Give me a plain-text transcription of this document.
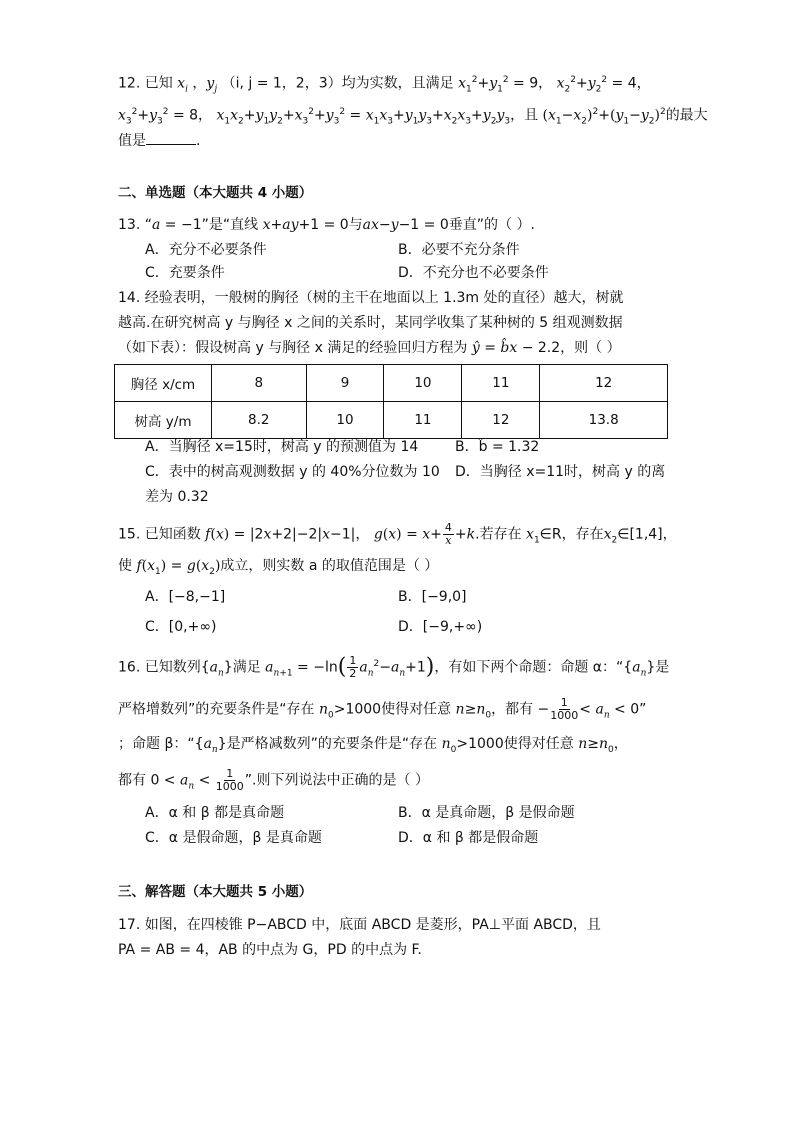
12. 已知 $x_i$ ，$y_j$ （i, j = 1，2，3）均为实数，且满足 $x_1^2+y_1^2 = 9$， $x_2^2+y_2^2 = 4$，
$x_3^2+y_3^2 = 8$， $x_1x_2+y_1y_2+x_3^2+y_3^2 = x_1x_3+y_1y_3+x_2x_3+y_2y_3$，且 $(x_1-x_2)^2+(y_1-y_2)^2$的最大
值是	.
二、单选题（本大题共 4 小题）
13. “a = −1”是“直线 x+ay+1 = 0与ax−y−1 = 0垂直”的（ ）.
A．充分不必要条件	B．必要不充分条件
C．充要条件	D．不充分也不必要条件
14. 经验表明，一般树的胸径（树的主干在地面以上 1.3m 处的直径）越大，树就
越高.在研究树高 y 与胸径 x 之间的关系时，某同学收集了某种树的 5 组观测数据
（如下表）：假设树高 y 与胸径 x 满足的经验回归方程为 ŷ = b̂x − 2.2，则（ ）
胸径 x/cm	8	9	10	11	12
树高 y/m	8.2	10	11	12	13.8
A．当胸径 x=15时，树高 y 的预测值为 14	B．b̂ = 1.32
C．表中的树高观测数据 y 的 40%分位数为 10 D．当胸径 x=11时，树高 y 的离
差为 0.32
15. 已知函数 f(x) = |2x+2|−2|x−1|， $g(x) = x+ \frac{4}{x} +k$.若存在 $x_1\in R$，存在$x_2\in[1,4]$，
使 $f(x_1) = g(x_2)$成立，则实数 a 的取值范围是（ ）
A．[−8,−1]	B．[−9,0]
C．[0,+∞)	D．[−9,+∞)
16. 已知数列$\{a_n\}$满足 $a_{n+1} = -\ln( \frac{1}{2} a_n^2-a_n+1)$，有如下两个命题：命题 α：“$\{a_n\}$是
严格增数列”的充要条件是“存在 $n_0>1000$使得对任意 $n\ge n_0$，都有 − $\frac{1}{1000} < a_n < 0$”
；命题 β：“$\{a_n\}$是严格减数列”的充要条件是“存在 $n_0>1000$使得对任意 $n\ge n_0$，
都有 $0 < a_n < \frac{1}{1000}$ ”.则下列说法中正确的是（ ）
A．α 和 β 都是真命题	B．α 是真命题，β 是假命题
C．α 是假命题，β 是真命题	D．α 和 β 都是假命题
三、解答题（本大题共 5 小题）
17. 如图，在四棱锥 P−ABCD 中，底面 ABCD 是菱形，PA⊥平面 ABCD，且
PA = AB = 4，AB 的中点为 G，PD 的中点为 F.
